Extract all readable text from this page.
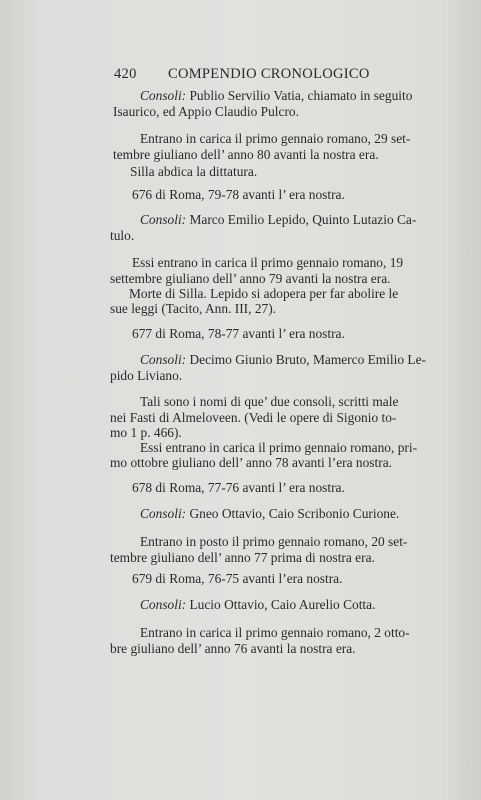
420 COMPENDIO CRONOLOGICO
Consoli: Publio Servilio Vatia, chiamato in seguito
Isaurico, ed Appio Claudio Pulcro.
Entrano in carica il primo gennaio romano, 29 set-
tembre giuliano dell’ anno 80 avanti la nostra era.
Silla abdica la dittatura.
676 di Roma, 79-78 avanti l’ era nostra.
Consoli: Marco Emilio Lepido, Quinto Lutazio Ca-
tulo.
Essi entrano in carica il primo gennaio romano, 19
settembre giuliano dell’ anno 79 avanti la nostra era.
Morte di Silla. Lepido si adopera per far abolire le
sue leggi (Tacito, Ann. III, 27).
677 di Roma, 78-77 avanti l’ era nostra.
Consoli: Decimo Giunio Bruto, Mamerco Emilio Le-
pido Liviano.
Tali sono i nomi di que’ due consoli, scritti male
nei Fasti di Almeloveen. (Vedi le opere di Sigonio to-
mo 1 p. 466).
Essi entrano in carica il primo gennaio romano, pri-
mo ottobre giuliano dell’ anno 78 avanti l’era nostra.
678 di Roma, 77-76 avanti l’ era nostra.
Consoli: Gneo Ottavio, Caio Scribonio Curione.
Entrano in posto il primo gennaio romano, 20 set-
tembre giuliano dell’ anno 77 prima di nostra era.
679 di Roma, 76-75 avanti l’era nostra.
Consoli: Lucio Ottavio, Caio Aurelio Cotta.
Entrano in carica il primo gennaio romano, 2 otto-
bre giuliano dell’ anno 76 avanti la nostra era.
